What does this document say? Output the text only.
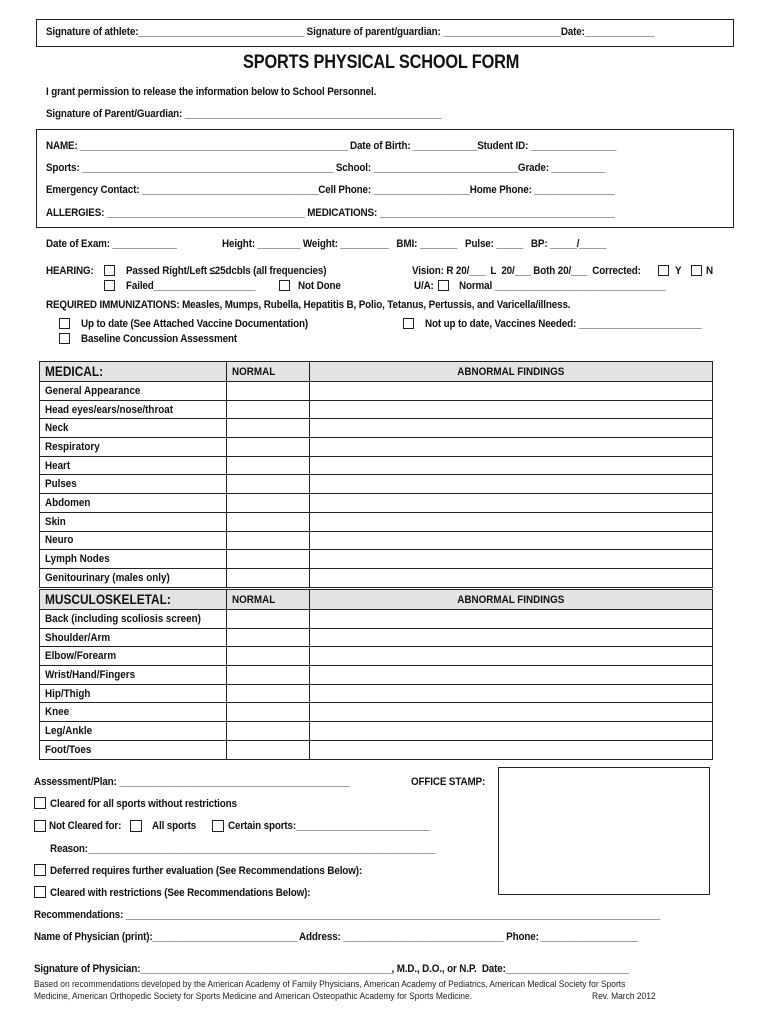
Signature of athlete:_______________________________ Signature of parent/guardian: ______________________Date:_____________
SPORTS PHYSICAL SCHOOL FORM
I grant permission to release the information below to School Personnel.
Signature of Parent/Guardian: ________________________________________________
NAME: __________________________________________________ Date of Birth: ____________Student ID: ________________
Sports: _______________________________________________ School: ___________________________Grade: __________
Emergency Contact: _________________________________Cell Phone: __________________Home Phone: _______________
ALLERGIES: _____________________________________ MEDICATIONS: ____________________________________________
Date of Exam: ____________	Height: ________ Weight: _________   BMI: _______   Pulse: _____   BP: _____/_____
HEARING:	Passed Right/Left ≤25dcbls (all frequencies)
Failed___________________	Not Done
Vision: R 20/___  L  20/___ Both 20/___  Corrected:	Y N
U/A: Normal ________________________________
REQUIRED IMMUNIZATIONS: Measles, Mumps, Rubella, Hepatitis B, Polio, Tetanus, Pertussis, and Varicella/illness.
Up to date (See Attached Vaccine Documentation)	Not up to date, Vaccines Needed: _______________________
Baseline Concussion Assessment
MEDICAL:	NORMAL	ABNORMAL FINDINGS
General Appearance		
Head eyes/ears/nose/throat		
Neck		
Respiratory		
Heart		
Pulses		
Abdomen		
Skin		
Neuro		
Lymph Nodes		
Genitourinary (males only)		
MUSCULOSKELETAL:	NORMAL	ABNORMAL FINDINGS
Back (including scoliosis screen)		
Shoulder/Arm		
Elbow/Forearm		
Wrist/Hand/Fingers		
Hip/Thigh		
Knee		
Leg/Ankle		
Foot/Toes		
Assessment/Plan: ___________________________________________	OFFICE STAMP:
Cleared for all sports without restrictions
Not Cleared for:	All sports	Certain sports:_________________________
Reason:_________________________________________________________________
Deferred requires further evaluation (See Recommendations Below):
Cleared with restrictions (See Recommendations Below):
Recommendations: ____________________________________________________________________________________________________
Name of Physician (print):___________________________ Address: ______________________________ Phone: __________________
Signature of Physician:_______________________________________________, M.D., D.O., or N.P.  Date:_______________________
Based on recommendations developed by the American Academy of Family Physicians, American Academy of Pediatrics, American Medical Society for Sports
Medicine, American Orthopedic Society for Sports Medicine and American Osteopathic Academy for Sports Medicine.	Rev. March 2012
